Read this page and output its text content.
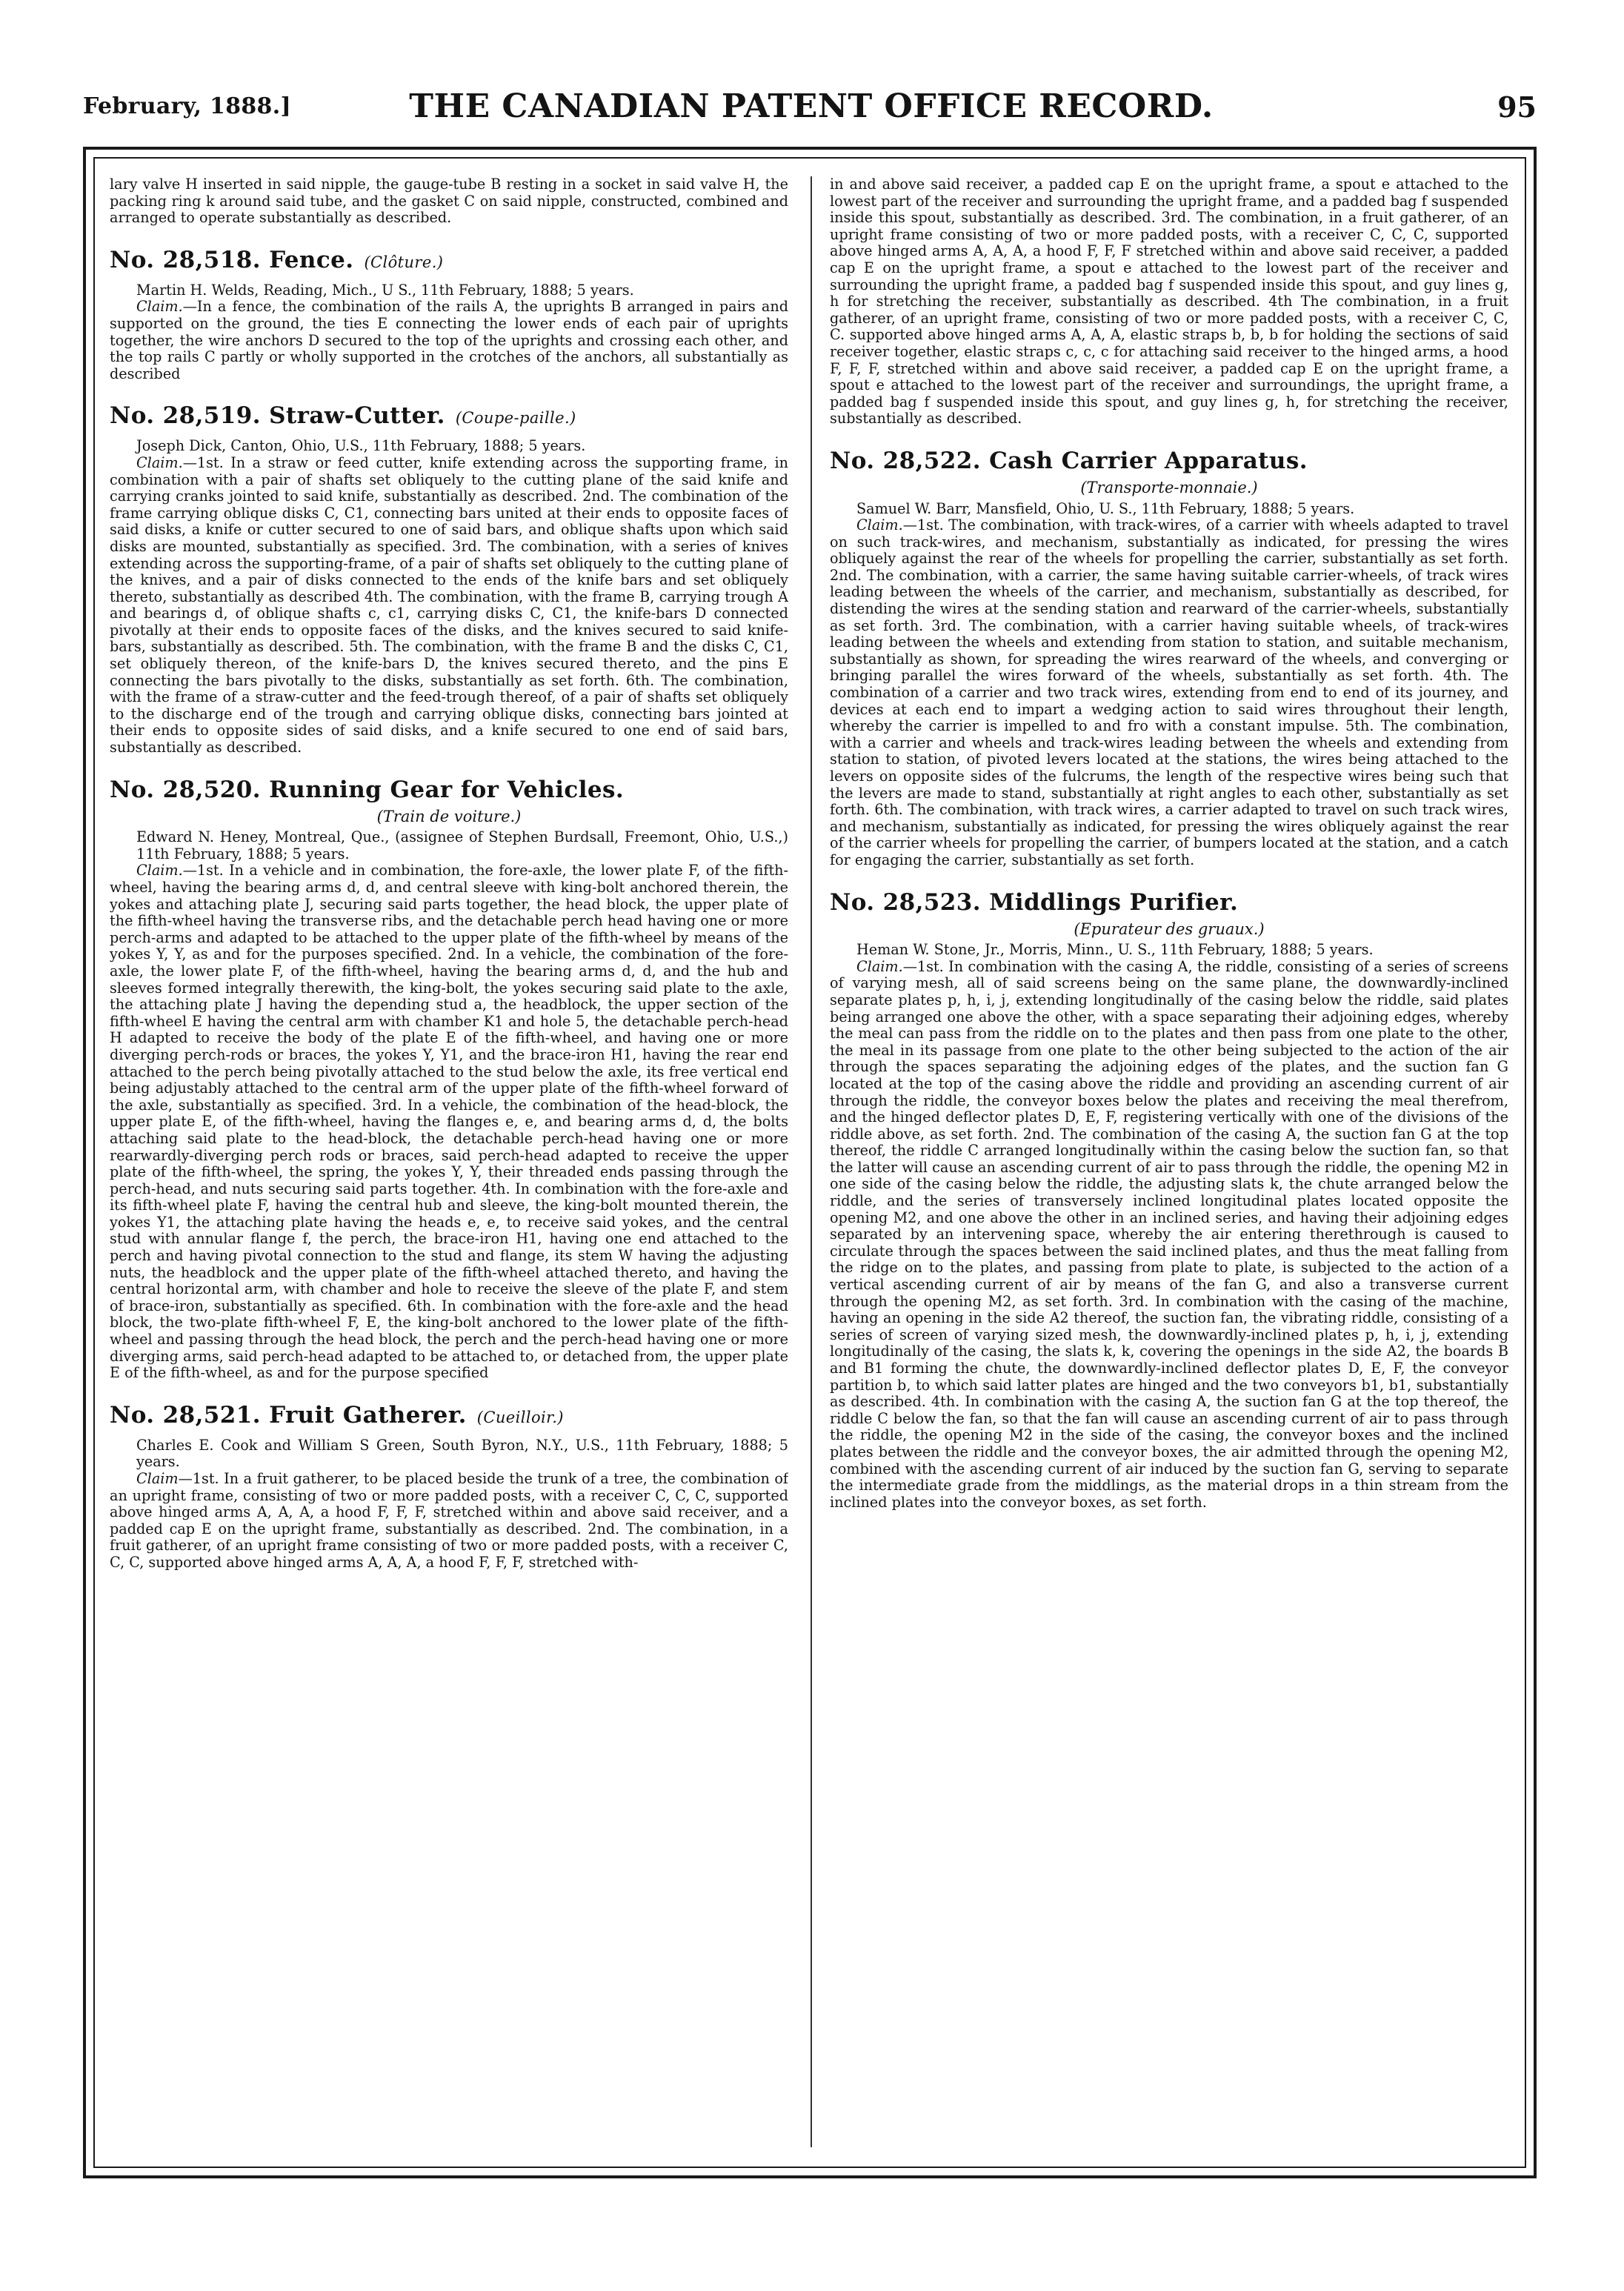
February, 1888.]	THE CANADIAN PATENT OFFICE RECORD.	95

lary valve H inserted in said nipple, the gauge-tube B resting in a socket in said valve H, the packing ring k around said tube, and the gasket C on said nipple, constructed, combined and arranged to operate substantially as described.

No. 28,518. Fence. (Clôture.)

Martin H. Welds, Reading, Mich., U S., 11th February, 1888; 5 years.

Claim.—In a fence, the combination of the rails A, the uprights B arranged in pairs and supported on the ground, the ties E connecting the lower ends of each pair of uprights together, the wire anchors D secured to the top of the uprights and crossing each other, and the top rails C partly or wholly supported in the crotches of the anchors, all substantially as described

No. 28,519. Straw-Cutter. (Coupe-paille.)

Joseph Dick, Canton, Ohio, U.S., 11th February, 1888; 5 years.

Claim.—1st. In a straw or feed cutter, knife extending across the supporting frame, in combination with a pair of shafts set obliquely to the cutting plane of the said knife and carrying cranks jointed to said knife, substantially as described. 2nd. The combination of the frame carrying oblique disks C, C1, connecting bars united at their ends to opposite faces of said disks, a knife or cutter secured to one of said bars, and oblique shafts upon which said disks are mounted, substantially as specified. 3rd. The combination, with a series of knives extending across the supporting-frame, of a pair of shafts set obliquely to the cutting plane of the knives, and a pair of disks connected to the ends of the knife bars and set obliquely thereto, substantially as described 4th. The combination, with the frame B, carrying trough A and bearings d, of oblique shafts c, c1, carrying disks C, C1, the knife-bars D connected pivotally at their ends to opposite faces of the disks, and the knives secured to said knife-bars, substantially as described. 5th. The combination, with the frame B and the disks C, C1, set obliquely thereon, of the knife-bars D, the knives secured thereto, and the pins E connecting the bars pivotally to the disks, substantially as set forth. 6th. The combination, with the frame of a straw-cutter and the feed-trough thereof, of a pair of shafts set obliquely to the discharge end of the trough and carrying oblique disks, connecting bars jointed at their ends to opposite sides of said disks, and a knife secured to one end of said bars, substantially as described.

No. 28,520. Running Gear for Vehicles.
(Train de voiture.)

Edward N. Heney, Montreal, Que., (assignee of Stephen Burdsall, Freemont, Ohio, U.S.,) 11th February, 1888; 5 years.

Claim.—1st. In a vehicle and in combination, the fore-axle, the lower plate F, of the fifth-wheel, having the bearing arms d, d, and central sleeve with king-bolt anchored therein, the yokes and attaching plate J, securing said parts together, the head block, the upper plate of the fifth-wheel having the transverse ribs, and the detachable perch head having one or more perch-arms and adapted to be attached to the upper plate of the fifth-wheel by means of the yokes Y, Y, as and for the purposes specified. 2nd. In a vehicle, the combination of the fore-axle, the lower plate F, of the fifth-wheel, having the bearing arms d, d, and the hub and sleeves formed integrally therewith, the king-bolt, the yokes securing said plate to the axle, the attaching plate J having the depending stud a, the headblock, the upper section of the fifth-wheel E having the central arm with chamber K1 and hole 5, the detachable perch-head H adapted to receive the body of the plate E of the fifth-wheel, and having one or more diverging perch-rods or braces, the yokes Y, Y1, and the brace-iron H1, having the rear end attached to the perch being pivotally attached to the stud below the axle, its free vertical end being adjustably attached to the central arm of the upper plate of the fifth-wheel forward of the axle, substantially as specified. 3rd. In a vehicle, the combination of the head-block, the upper plate E, of the fifth-wheel, having the flanges e, e, and bearing arms d, d, the bolts attaching said plate to the head-block, the detachable perch-head having one or more rearwardly-diverging perch rods or braces, said perch-head adapted to receive the upper plate of the fifth-wheel, the spring, the yokes Y, Y, their threaded ends passing through the perch-head, and nuts securing said parts together. 4th. In combination with the fore-axle and its fifth-wheel plate F, having the central hub and sleeve, the king-bolt mounted therein, the yokes Y1, the attaching plate having the heads e, e, to receive said yokes, and the central stud with annular flange f, the perch, the brace-iron H1, having one end attached to the perch and having pivotal connection to the stud and flange, its stem W having the adjusting nuts, the headblock and the upper plate of the fifth-wheel attached thereto, and having the central horizontal arm, with chamber and hole to receive the sleeve of the plate F, and stem of brace-iron, substantially as specified. 6th. In combination with the fore-axle and the head block, the two-plate fifth-wheel F, E, the king-bolt anchored to the lower plate of the fifth-wheel and passing through the head block, the perch and the perch-head having one or more diverging arms, said perch-head adapted to be attached to, or detached from, the upper plate E of the fifth-wheel, as and for the purpose specified

No. 28,521. Fruit Gatherer. (Cueilloir.)

Charles E. Cook and William S Green, South Byron, N.Y., U.S., 11th February, 1888; 5 years.

Claim—1st. In a fruit gatherer, to be placed beside the trunk of a tree, the combination of an upright frame, consisting of two or more padded posts, with a receiver C, C, C, supported above hinged arms A, A, A, a hood F, F, F, stretched within and above said receiver, and a padded cap E on the upright frame, substantially as described. 2nd. The combination, in a fruit gatherer, of an upright frame consisting of two or more padded posts, with a receiver C, C, C, supported above hinged arms A, A, A, a hood F, F, F, stretched with-

in and above said receiver, a padded cap E on the upright frame, a spout e attached to the lowest part of the receiver and surrounding the upright frame, and a padded bag f suspended inside this spout, substantially as described. 3rd. The combination, in a fruit gatherer, of an upright frame consisting of two or more padded posts, with a receiver C, C, C, supported above hinged arms A, A, A, a hood F, F, F stretched within and above said receiver, a padded cap E on the upright frame, a spout e attached to the lowest part of the receiver and surrounding the upright frame, a padded bag f suspended inside this spout, and guy lines g, h for stretching the receiver, substantially as described. 4th The combination, in a fruit gatherer, of an upright frame, consisting of two or more padded posts, with a receiver C, C, C. supported above hinged arms A, A, A, elastic straps b, b, b for holding the sections of said receiver together, elastic straps c, c, c for attaching said receiver to the hinged arms, a hood F, F, F, stretched within and above said receiver, a padded cap E on the upright frame, a spout e attached to the lowest part of the receiver and surroundings, the upright frame, a padded bag f suspended inside this spout, and guy lines g, h, for stretching the receiver, substantially as described.

No. 28,522. Cash Carrier Apparatus.
(Transporte-monnaie.)

Samuel W. Barr, Mansfield, Ohio, U. S., 11th February, 1888; 5 years.

Claim.—1st. The combination, with track-wires, of a carrier with wheels adapted to travel on such track-wires, and mechanism, substantially as indicated, for pressing the wires obliquely against the rear of the wheels for propelling the carrier, substantially as set forth. 2nd. The combination, with a carrier, the same having suitable carrier-wheels, of track wires leading between the wheels of the carrier, and mechanism, substantially as described, for distending the wires at the sending station and rearward of the carrier-wheels, substantially as set forth. 3rd. The combination, with a carrier having suitable wheels, of track-wires leading between the wheels and extending from station to station, and suitable mechanism, substantially as shown, for spreading the wires rearward of the wheels, and converging or bringing parallel the wires forward of the wheels, substantially as set forth. 4th. The combination of a carrier and two track wires, extending from end to end of its journey, and devices at each end to impart a wedging action to said wires throughout their length, whereby the carrier is impelled to and fro with a constant impulse. 5th. The combination, with a carrier and wheels and track-wires leading between the wheels and extending from station to station, of pivoted levers located at the stations, the wires being attached to the levers on opposite sides of the fulcrums, the length of the respective wires being such that the levers are made to stand, substantially at right angles to each other, substantially as set forth. 6th. The combination, with track wires, a carrier adapted to travel on such track wires, and mechanism, substantially as indicated, for pressing the wires obliquely against the rear of the carrier wheels for propelling the carrier, of bumpers located at the station, and a catch for engaging the carrier, substantially as set forth.

No. 28,523. Middlings Purifier.
(Epurateur des gruaux.)

Heman W. Stone, Jr., Morris, Minn., U. S., 11th February, 1888; 5 years.

Claim.—1st. In combination with the casing A, the riddle, consisting of a series of screens of varying mesh, all of said screens being on the same plane, the downwardly-inclined separate plates p, h, i, j, extending longitudinally of the casing below the riddle, said plates being arranged one above the other, with a space separating their adjoining edges, whereby the meal can pass from the riddle on to the plates and then pass from one plate to the other, the meal in its passage from one plate to the other being subjected to the action of the air through the spaces separating the adjoining edges of the plates, and the suction fan G located at the top of the casing above the riddle and providing an ascending current of air through the riddle, the conveyor boxes below the plates and receiving the meal therefrom, and the hinged deflector plates D, E, F, registering vertically with one of the divisions of the riddle above, as set forth. 2nd. The combination of the casing A, the suction fan G at the top thereof, the riddle C arranged longitudinally within the casing below the suction fan, so that the latter will cause an ascending current of air to pass through the riddle, the opening M2 in one side of the casing below the riddle, the adjusting slats k, the chute arranged below the riddle, and the series of transversely inclined longitudinal plates located opposite the opening M2, and one above the other in an inclined series, and having their adjoining edges separated by an intervening space, whereby the air entering therethrough is caused to circulate through the spaces between the said inclined plates, and thus the meat falling from the ridge on to the plates, and passing from plate to plate, is subjected to the action of a vertical ascending current of air by means of the fan G, and also a transverse current through the opening M2, as set forth. 3rd. In combination with the casing of the machine, having an opening in the side A2 thereof, the suction fan, the vibrating riddle, consisting of a series of screen of varying sized mesh, the downwardly-inclined plates p, h, i, j, extending longitudinally of the casing, the slats k, k, covering the openings in the side A2, the boards B and B1 forming the chute, the downwardly-inclined deflector plates D, E, F, the conveyor partition b, to which said latter plates are hinged and the two conveyors b1, b1, substantially as described. 4th. In combination with the casing A, the suction fan G at the top thereof, the riddle C below the fan, so that the fan will cause an ascending current of air to pass through the riddle, the opening M2 in the side of the casing, the conveyor boxes and the inclined plates between the riddle and the conveyor boxes, the air admitted through the opening M2, combined with the ascending current of air induced by the suction fan G, serving to separate the intermediate grade from the middlings, as the material drops in a thin stream from the inclined plates into the conveyor boxes, as set forth.
